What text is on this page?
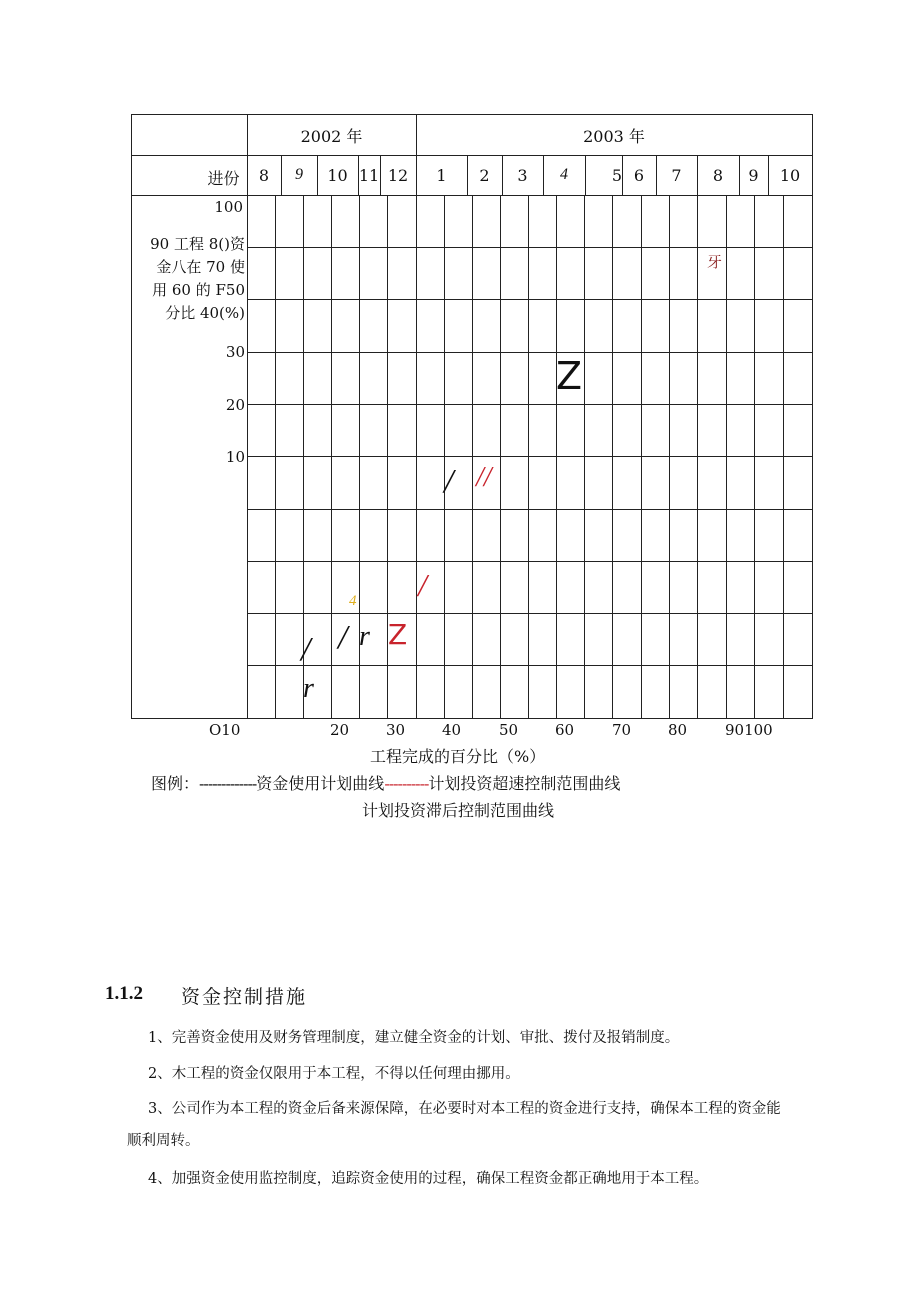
2002 年	2003 年
进份	8	9	10 11 12	1	2	3	4	5 6	7	8	9	10
100
90 工程 8()资
金八在 70 使
用 60 的 F50
分比 40(%)
30
20
10
牙
Z
/ //
/
4
/ r Z
/
r
O10	20 30 40	50 60	70 80	90100
工程完成的百分比（%）
图例：-------------资金使用计划曲线----------计划投资超速控制范围曲线
计划投资滞后控制范围曲线
1.1.2 资金控制措施
1、完善资金使用及财务管理制度，建立健全资金的计划、审批、拨付及报销制度。
2、木工程的资金仅限用于本工程，不得以任何理由挪用。
3、公司作为本工程的资金后备来源保障，在必要时对本工程的资金进行支持，确保本工程的资金能
顺利周转。
4、加强资金使用监控制度，追踪资金使用的过程，确保工程资金都正确地用于本工程。
